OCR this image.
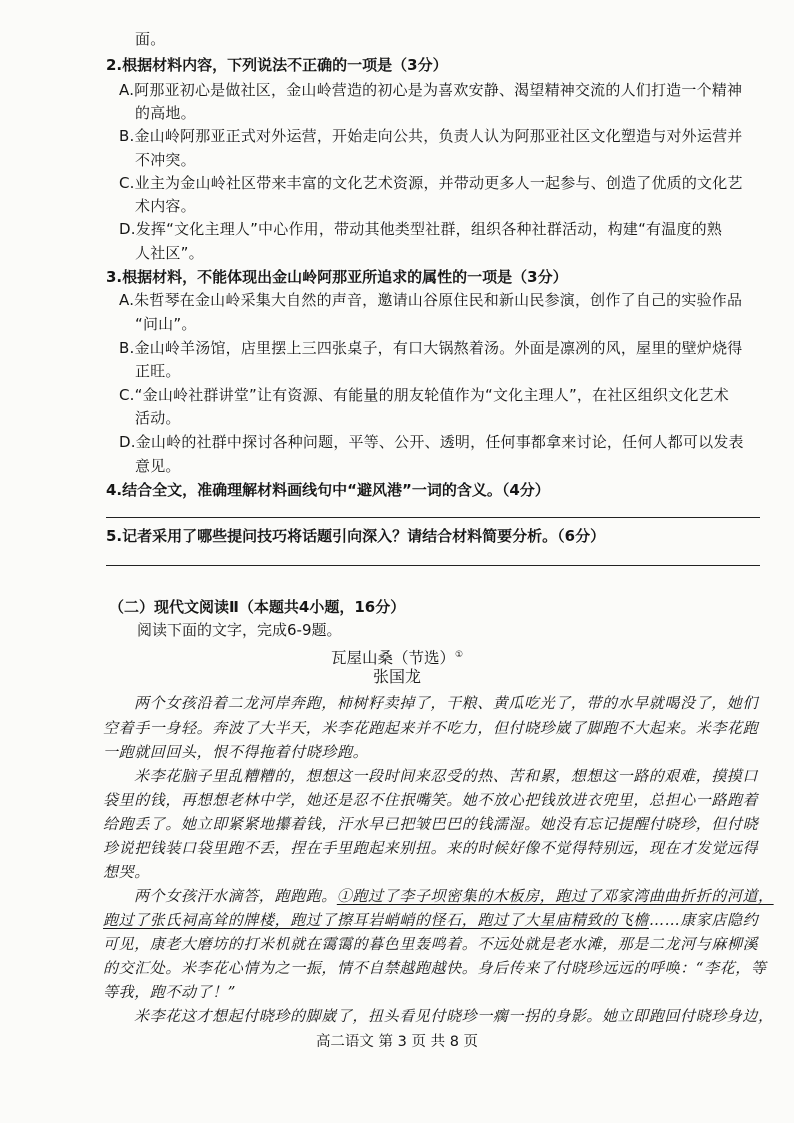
面。
2.根据材料内容，下列说法不正确的一项是（3分）
A.阿那亚初心是做社区，金山岭营造的初心是为喜欢安静、渴望精神交流的人们打造一个精神
的高地。
B.金山岭阿那亚正式对外运营，开始走向公共，负责人认为阿那亚社区文化塑造与对外运营并
不冲突。
C.业主为金山岭社区带来丰富的文化艺术资源，并带动更多人一起参与、创造了优质的文化艺
术内容。
D.发挥“文化主理人”中心作用，带动其他类型社群，组织各种社群活动，构建“有温度的熟
人社区”。
3.根据材料，不能体现出金山岭阿那亚所追求的属性的一项是（3分）
A.朱哲琴在金山岭采集大自然的声音，邀请山谷原住民和新山民参演，创作了自己的实验作品
“问山”。
B.金山岭羊汤馆，店里摆上三四张桌子，有口大锅熬着汤。外面是凛冽的风，屋里的壁炉烧得
正旺。
C.“金山岭社群讲堂”让有资源、有能量的朋友轮值作为“文化主理人”，在社区组织文化艺术
活动。
D.金山岭的社群中探讨各种问题，平等、公开、透明，任何事都拿来讨论，任何人都可以发表
意见。
4.结合全文，准确理解材料画线句中“避风港”一词的含义。（4分）
5.记者采用了哪些提问技巧将话题引向深入？请结合材料简要分析。（6分）
（二）现代文阅读Ⅱ（本题共4小题，16分）
阅读下面的文字，完成6-9题。
瓦屋山桑（节选）①
张国龙
两个女孩沿着二龙河岸奔跑，柿树籽卖掉了，干粮、黄瓜吃光了，带的水早就喝没了，她们
空着手一身轻。奔波了大半天，米李花跑起来并不吃力，但付晓珍崴了脚跑不大起来。米李花跑
一跑就回回头，恨不得拖着付晓珍跑。
米李花脑子里乱糟糟的，想想这一段时间来忍受的热、苦和累，想想这一路的艰难，摸摸口
袋里的钱，再想想老林中学，她还是忍不住抿嘴笑。她不放心把钱放进衣兜里，总担心一路跑着
给跑丢了。她立即紧紧地攥着钱，汗水早已把皱巴巴的钱濡湿。她没有忘记提醒付晓珍，但付晓
珍说把钱装口袋里跑不丢，捏在手里跑起来别扭。来的时候好像不觉得特别远，现在才发觉远得
想哭。
两个女孩汗水滴答，跑跑跑。①跑过了李子坝密集的木板房，跑过了邓家湾曲曲折折的河道，
跑过了张氏祠高耸的牌楼，跑过了擦耳岩峭峭的怪石，跑过了大星庙精致的飞檐……康家店隐约
可见，康老大磨坊的打米机就在霭霭的暮色里轰鸣着。不远处就是老水滩，那是二龙河与麻柳溪
的交汇处。米李花心情为之一振，情不自禁越跑越快。身后传来了付晓珍远远的呼唤：“李花，等
等我，跑不动了！”
米李花这才想起付晓珍的脚崴了，扭头看见付晓珍一瘸一拐的身影。她立即跑回付晓珍身边，
高二语文 第 3 页 共 8 页
